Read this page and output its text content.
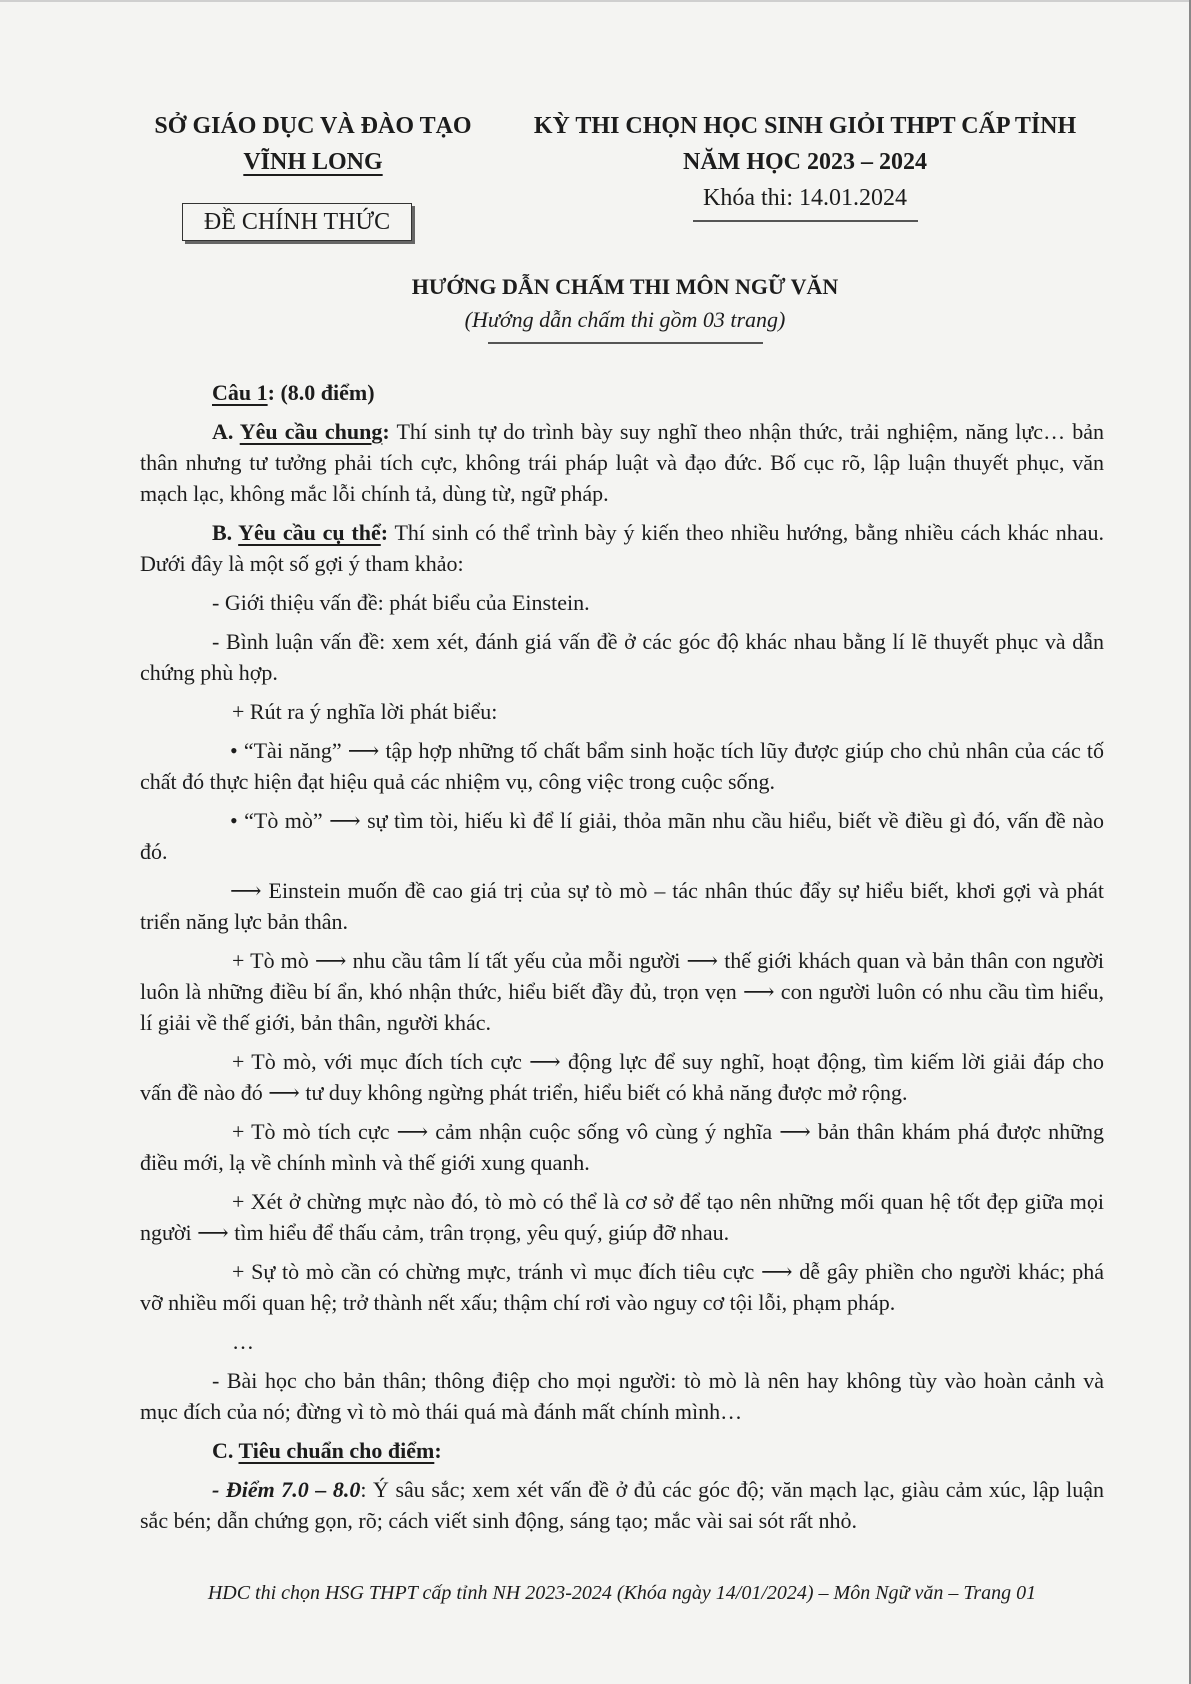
SỞ GIÁO DỤC VÀ ĐÀO TẠO
VĨNH LONG
KỲ THI CHỌN HỌC SINH GIỎI THPT CẤP TỈNH
NĂM HỌC 2023 – 2024
Khóa thi: 14.01.2024
ĐỀ CHÍNH THỨC
HƯỚNG DẪN CHẤM THI MÔN NGỮ VĂN
(Hướng dẫn chấm thi gồm 03 trang)

Câu 1: (8.0 điểm)

A. Yêu cầu chung: Thí sinh tự do trình bày suy nghĩ theo nhận thức, trải nghiệm, năng lực… bản thân nhưng tư tưởng phải tích cực, không trái pháp luật và đạo đức. Bố cục rõ, lập luận thuyết phục, văn mạch lạc, không mắc lỗi chính tả, dùng từ, ngữ pháp.

B. Yêu cầu cụ thể: Thí sinh có thể trình bày ý kiến theo nhiều hướng, bằng nhiều cách khác nhau. Dưới đây là một số gợi ý tham khảo:

- Giới thiệu vấn đề: phát biểu của Einstein.

- Bình luận vấn đề: xem xét, đánh giá vấn đề ở các góc độ khác nhau bằng lí lẽ thuyết phục và dẫn chứng phù hợp.

+ Rút ra ý nghĩa lời phát biểu:

• “Tài năng” ⟶ tập hợp những tố chất bẩm sinh hoặc tích lũy được giúp cho chủ nhân của các tố chất đó thực hiện đạt hiệu quả các nhiệm vụ, công việc trong cuộc sống.

• “Tò mò” ⟶ sự tìm tòi, hiếu kì để lí giải, thỏa mãn nhu cầu hiểu, biết về điều gì đó, vấn đề nào đó.

⟶ Einstein muốn đề cao giá trị của sự tò mò – tác nhân thúc đẩy sự hiểu biết, khơi gợi và phát triển năng lực bản thân.

+ Tò mò ⟶ nhu cầu tâm lí tất yếu của mỗi người ⟶ thế giới khách quan và bản thân con người luôn là những điều bí ẩn, khó nhận thức, hiểu biết đầy đủ, trọn vẹn ⟶ con người luôn có nhu cầu tìm hiểu, lí giải về thế giới, bản thân, người khác.

+ Tò mò, với mục đích tích cực ⟶ động lực để suy nghĩ, hoạt động, tìm kiếm lời giải đáp cho vấn đề nào đó ⟶ tư duy không ngừng phát triển, hiểu biết có khả năng được mở rộng.

+ Tò mò tích cực ⟶ cảm nhận cuộc sống vô cùng ý nghĩa ⟶ bản thân khám phá được những điều mới, lạ về chính mình và thế giới xung quanh.

+ Xét ở chừng mực nào đó, tò mò có thể là cơ sở để tạo nên những mối quan hệ tốt đẹp giữa mọi người ⟶ tìm hiểu để thấu cảm, trân trọng, yêu quý, giúp đỡ nhau.

+ Sự tò mò cần có chừng mực, tránh vì mục đích tiêu cực ⟶ dễ gây phiền cho người khác; phá vỡ nhiều mối quan hệ; trở thành nết xấu; thậm chí rơi vào nguy cơ tội lỗi, phạm pháp.

…

- Bài học cho bản thân; thông điệp cho mọi người: tò mò là nên hay không tùy vào hoàn cảnh và mục đích của nó; đừng vì tò mò thái quá mà đánh mất chính mình…

C. Tiêu chuẩn cho điểm:

- Điểm 7.0 – 8.0: Ý sâu sắc; xem xét vấn đề ở đủ các góc độ; văn mạch lạc, giàu cảm xúc, lập luận sắc bén; dẫn chứng gọn, rõ; cách viết sinh động, sáng tạo; mắc vài sai sót rất nhỏ.

HDC thi chọn HSG THPT cấp tỉnh NH 2023-2024 (Khóa ngày 14/01/2024) – Môn Ngữ văn – Trang 01
